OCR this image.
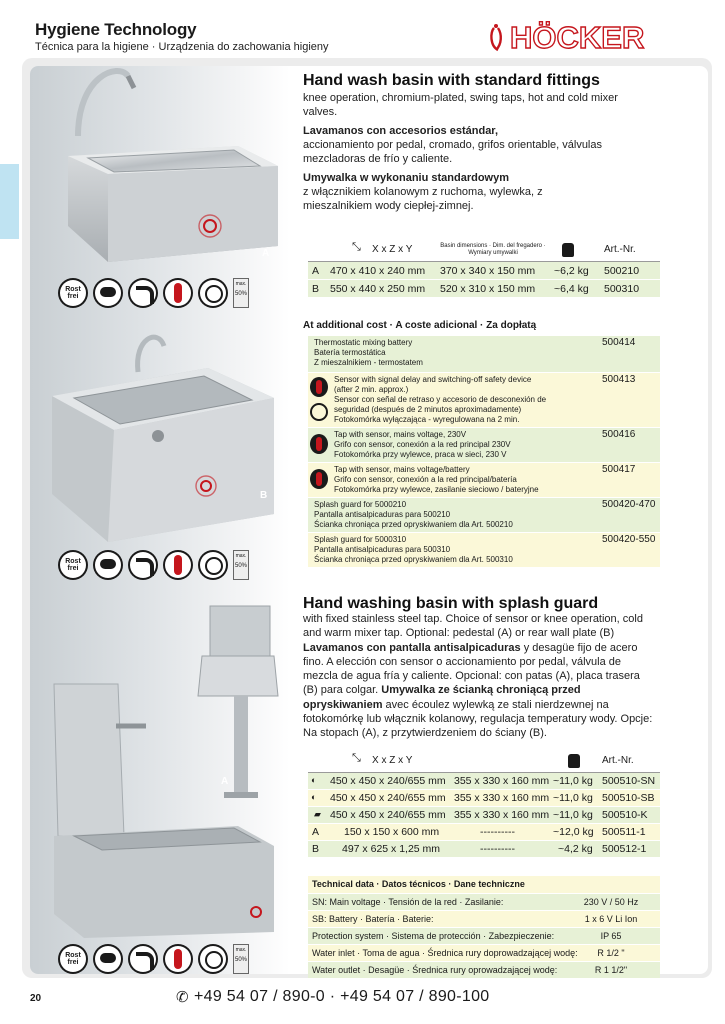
Hygiene Technology
Técnica para la higiene · Urządzenia do zachowania higieny	HÖCKER
A
Rost frei
max.
50%
Hand wash basin with standard fittings
knee operation, chromium-plated, swing taps, hot and cold mixer valves.
Lavamanos con accesorios estándar,
accionamiento por pedal, cromado, grifos orientable, válvulas mezcladoras de frío y caliente.
Umywalka w wykonaniu standardowym
z włącznikiem kolanowym z ruchoma, wylewka, z mieszalnikiem wody ciepłej-zimnej.
⤡ X x Z x Y	Basin dimensions · Dim. del fregadero · Wymiary umywalki	Art.-Nr.
A 470 x 410 x 240 mm 370 x 340 x 150 mm ~6,2 kg 500210
B 550 x 440 x 250 mm 520 x 310 x 150 mm ~6,4 kg 500310
B
Rost frei
max.
50%
At additional cost · A coste adicional · Za dopłatą
Thermostatic mixing battery
Batería termostática
Z mieszalnikiem - termostatem
500414
Sensor with signal delay and switching-off safety device
(after 2 min. approx.)
Sensor con señal de retraso y accesorio de desconexión de
seguridad (después de 2 minutos aproximadamente)
Fotokomórka wyłączająca - wyregulowana na 2 min.
500413
Tap with sensor, mains voltage, 230V
Grifo con sensor, conexión a la red principal 230V
Fotokomórka przy wylewce, praca w sieci, 230 V
500416
Tap with sensor, mains voltage/battery
Grifo con sensor, conexión a la red principal/batería
Fotokomórka przy wylewce, zasilanie sieciowo / bateryjne
500417
Splash guard for 5000210
Pantalla antisalpicaduras para 500210
Ścianka chroniąca przed opryskiwaniem dla Art. 500210
500420-470
Splash guard for 5000310
Pantalla antisalpicaduras para 500310
Ścianka chroniąca przed opryskiwaniem dla Art. 500310
500420-550
A
Rost frei
max.
50%
Hand washing basin with splash guard
with fixed stainless steel tap. Choice of sensor or knee operation, cold and warm mixer tap. Optional: pedestal (A) or rear wall plate (B) Lavamanos con pantalla antisalpicaduras y desagüe fijo de acero fino. A elección con sensor o accionamiento por pedal, válvula de mezcla de agua fría y caliente. Opcional: con patas (A), placa trasera (B) para colgar. Umywalka ze ścianką chroniącą przed opryskiwaniem avec écoulez wylewką ze stali nierdzewnej na fotokomórkę lub włącznik kolanowy, regulacja temperatury wody. Opcje: Na stopach (A), z przytwierdzeniem do ściany (B).
⤡ X x Z x Y	Art.-Nr.
◐ 450 x 450 x 240/655 mm 355 x 330 x 160 mm ~11,0 kg 500510-SN
◐ 450 x 450 x 240/655 mm 355 x 330 x 160 mm ~11,0 kg 500510-SB
▰ 450 x 450 x 240/655 mm 355 x 330 x 160 mm ~11,0 kg 500510-K
A 150 x 150 x 600 mm	----------	~12,0 kg 500511-1
B 497 x 625 x 1,25 mm	----------	~4,2 kg 500512-1
Technical data · Datos técnicos · Dane techniczne
SN: Main voltage · Tensión de la red · Zasilanie:	230 V / 50 Hz
SB: Battery · Batería · Baterie:	1 x 6 V Li Ion
Protection system · Sistema de protección · Zabezpieczenie:	IP 65
Water inlet · Toma de agua · Średnica rury doprowadzającej wodę:	R 1/2 "
Water outlet · Desagüe · Średnica rury oprowadzającej wodę:	R 1 1/2"
20	✆ +49 54 07 / 890-0 · +49 54 07 / 890-100
